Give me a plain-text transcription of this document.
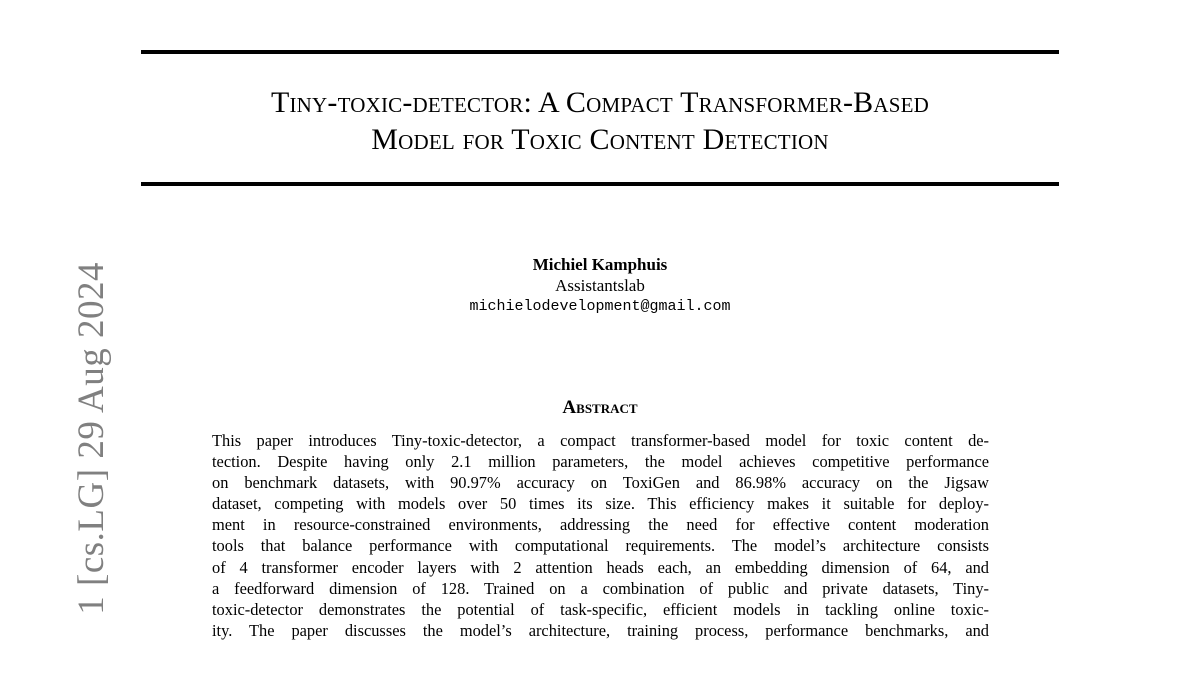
Tiny-toxic-detector: A Compact Transformer-Based
Model for Toxic Content Detection
Michiel Kamphuis
Assistantslab
michielodevelopment@gmail.com
Abstract
This paper introduces Tiny-toxic-detector, a compact transformer-based model for toxic content de-
tection. Despite having only 2.1 million parameters, the model achieves competitive performance
on benchmark datasets, with 90.97% accuracy on ToxiGen and 86.98% accuracy on the Jigsaw
dataset, competing with models over 50 times its size. This efficiency makes it suitable for deploy-
ment in resource-constrained environments, addressing the need for effective content moderation
tools that balance performance with computational requirements. The model’s architecture consists
of 4 transformer encoder layers with 2 attention heads each, an embedding dimension of 64, and
a feedforward dimension of 128. Trained on a combination of public and private datasets, Tiny-
toxic-detector demonstrates the potential of task-specific, efficient models in tackling online toxic-
ity. The paper discusses the model’s architecture, training process, performance benchmarks, and
1 [cs.LG] 29 Aug 2024
